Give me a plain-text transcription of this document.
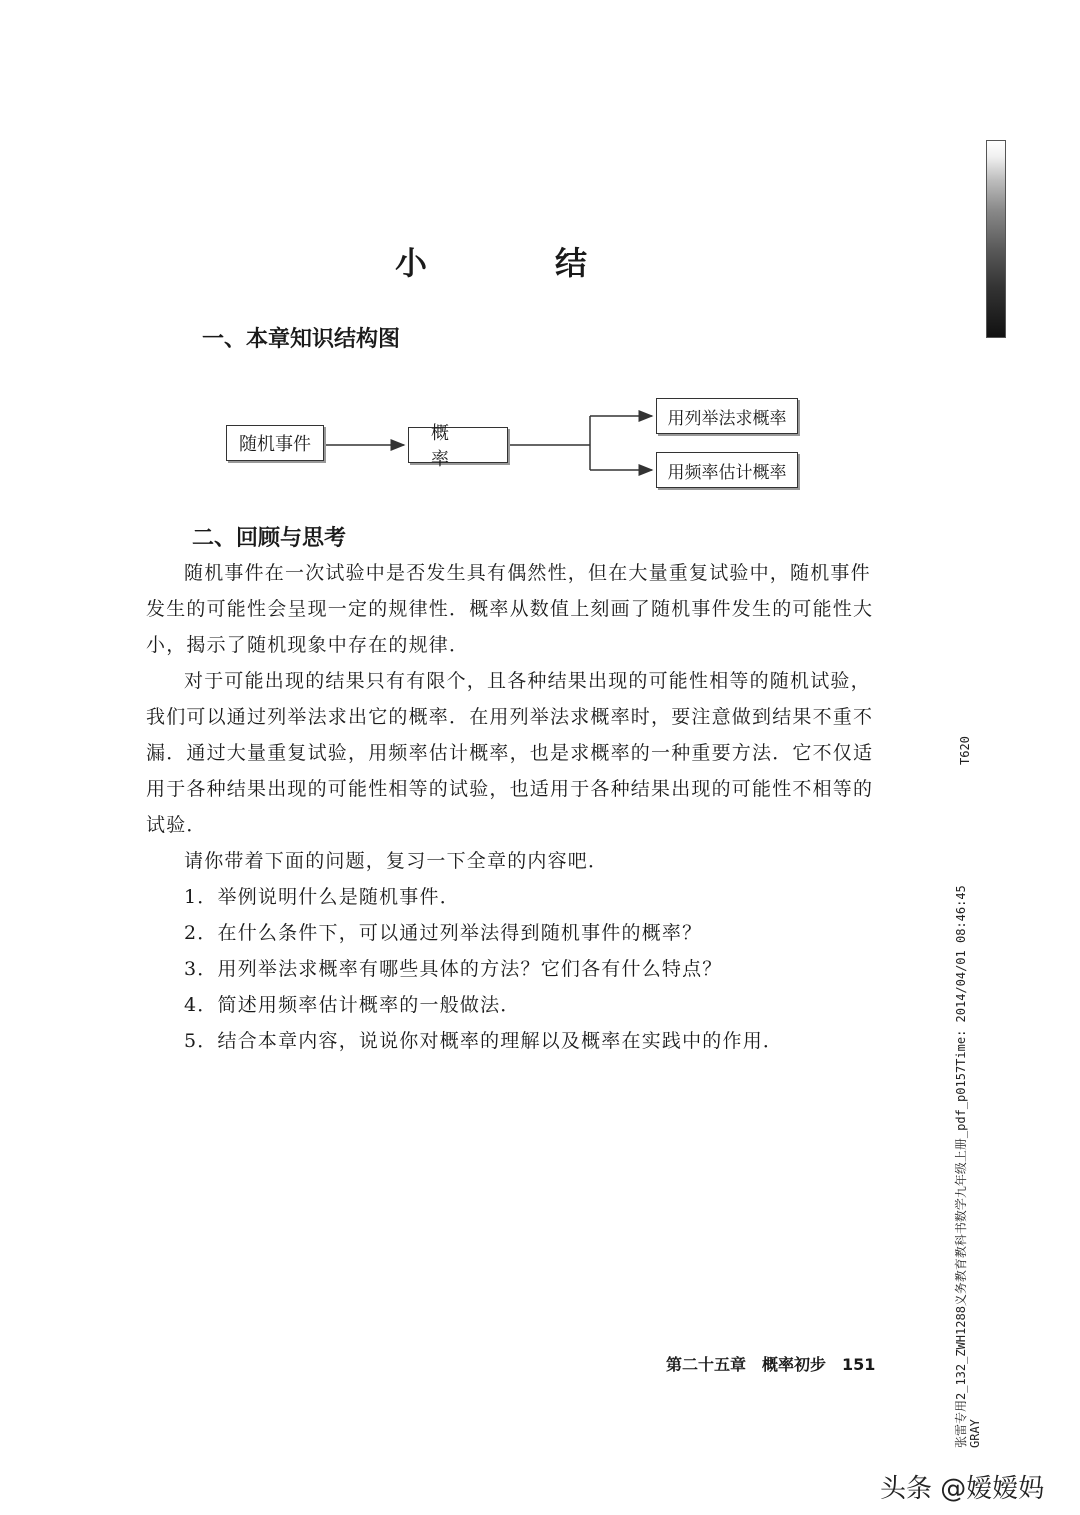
小　结
一、本章知识结构图
随机事件
概率
用列举法求概率
用频率估计概率
二、回顾与思考

随机事件在一次试验中是否发生具有偶然性，但在大量重复试验中，随机事件发生的可能性会呈现一定的规律性．概率从数值上刻画了随机事件发生的可能性大小，揭示了随机现象中存在的规律．

对于可能出现的结果只有有限个，且各种结果出现的可能性相等的随机试验，我们可以通过列举法求出它的概率．在用列举法求概率时，要注意做到结果不重不漏．通过大量重复试验，用频率估计概率，也是求概率的一种重要方法．它不仅适用于各种结果出现的可能性相等的试验，也适用于各种结果出现的可能性不相等的试验．

请你带着下面的问题，复习一下全章的内容吧．

1．举例说明什么是随机事件．
2．在什么条件下，可以通过列举法得到随机事件的概率？
3．用列举法求概率有哪些具体的方法？它们各有什么特点？
4．简述用频率估计概率的一般做法．
5．结合本章内容，说说你对概率的理解以及概率在实践中的作用．
第二十五章　概率初步　151	张雷专用2_132_ZWH1288义务教育教科书数学九年级上册_pdf_p0157Time: 2014/04/01 08:46:45 GRAY
T620
头条 @嫒嫒妈
